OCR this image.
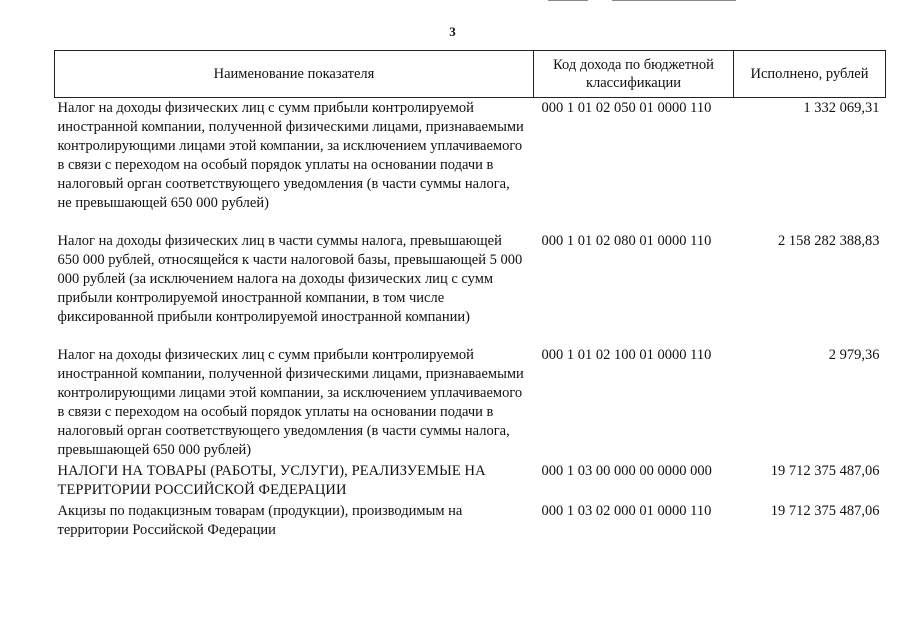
3
Наименование показателя	Код дохода по бюджетной классификации	Исполнено, рублей
Налог на доходы физических лиц с сумм прибыли контролируемой иностранной компании, полученной физическими лицами, признаваемыми контролирующими лицами этой компании, за исключением уплачиваемого в связи с переходом на особый порядок уплаты на основании подачи в налоговый орган соответствующего уведомления (в части суммы налога, не превышающей 650 000 рублей)	000 1 01 02 050 01 0000 110	1 332 069,31
Налог на доходы физических лиц в части суммы налога, превышающей 650 000 рублей, относящейся к части налоговой базы, превышающей 5 000 000 рублей (за исключением налога на доходы физических лиц с сумм прибыли контролируемой иностранной компании, в том числе фиксированной прибыли контролируемой иностранной компании)	000 1 01 02 080 01 0000 110	2 158 282 388,83
Налог на доходы физических лиц с сумм прибыли контролируемой иностранной компании, полученной физическими лицами, признаваемыми контролирующими лицами этой компании, за исключением уплачиваемого в связи с переходом на особый порядок уплаты на основании подачи в налоговый орган соответствующего уведомления (в части суммы налога, превышающей 650 000 рублей)	000 1 01 02 100 01 0000 110	2 979,36
НАЛОГИ НА ТОВАРЫ (РАБОТЫ, УСЛУГИ), РЕАЛИЗУЕМЫЕ НА ТЕРРИТОРИИ РОССИЙСКОЙ ФЕДЕРАЦИИ	000 1 03 00 000 00 0000 000	19 712 375 487,06
Акцизы по подакцизным товарам (продукции), производимым на территории Российской Федерации	000 1 03 02 000 01 0000 110	19 712 375 487,06
